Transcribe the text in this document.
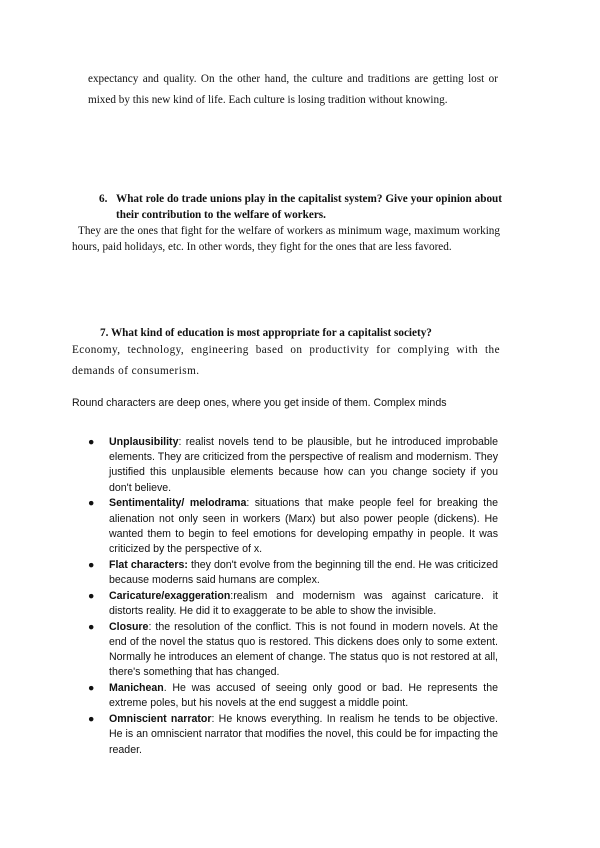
expectancy and quality. On the other hand, the culture and traditions are getting lost or mixed by this new kind of life. Each culture is losing tradition without knowing.
6. What role do trade unions play in the capitalist system? Give your opinion about their contribution to the welfare of workers.
They are the ones that fight for the welfare of workers as minimum wage, maximum working hours, paid holidays, etc. In other words, they fight for the ones that are less favored.
7. What kind of education is most appropriate for a capitalist society?
Economy, technology, engineering based on productivity for complying with the demands of consumerism.
Round characters are deep ones, where you get inside of them. Complex minds
● Unplausibility: realist novels tend to be plausible, but he introduced improbable elements. They are criticized from the perspective of realism and modernism. They justified this unplausible elements because how can you change society if you don't believe.
● Sentimentality/ melodrama: situations that make people feel for breaking the alienation not only seen in workers (Marx) but also power people (dickens). He wanted them to begin to feel emotions for developing empathy in people. It was criticized by the perspective of x.
● Flat characters: they don't evolve from the beginning till the end. He was criticized because moderns said humans are complex.
● Caricature/exaggeration:realism and modernism was against caricature. it distorts reality. He did it to exaggerate to be able to show the invisible.
● Closure: the resolution of the conflict. This is not found in modern novels. At the end of the novel the status quo is restored. This dickens does only to some extent. Normally he introduces an element of change. The status quo is not restored at all, there's something that has changed.
● Manichean. He was accused of seeing only good or bad. He represents the extreme poles, but his novels at the end suggest a middle point.
● Omniscient narrator: He knows everything. In realism he tends to be objective. He is an omniscient narrator that modifies the novel, this could be for impacting the reader.
